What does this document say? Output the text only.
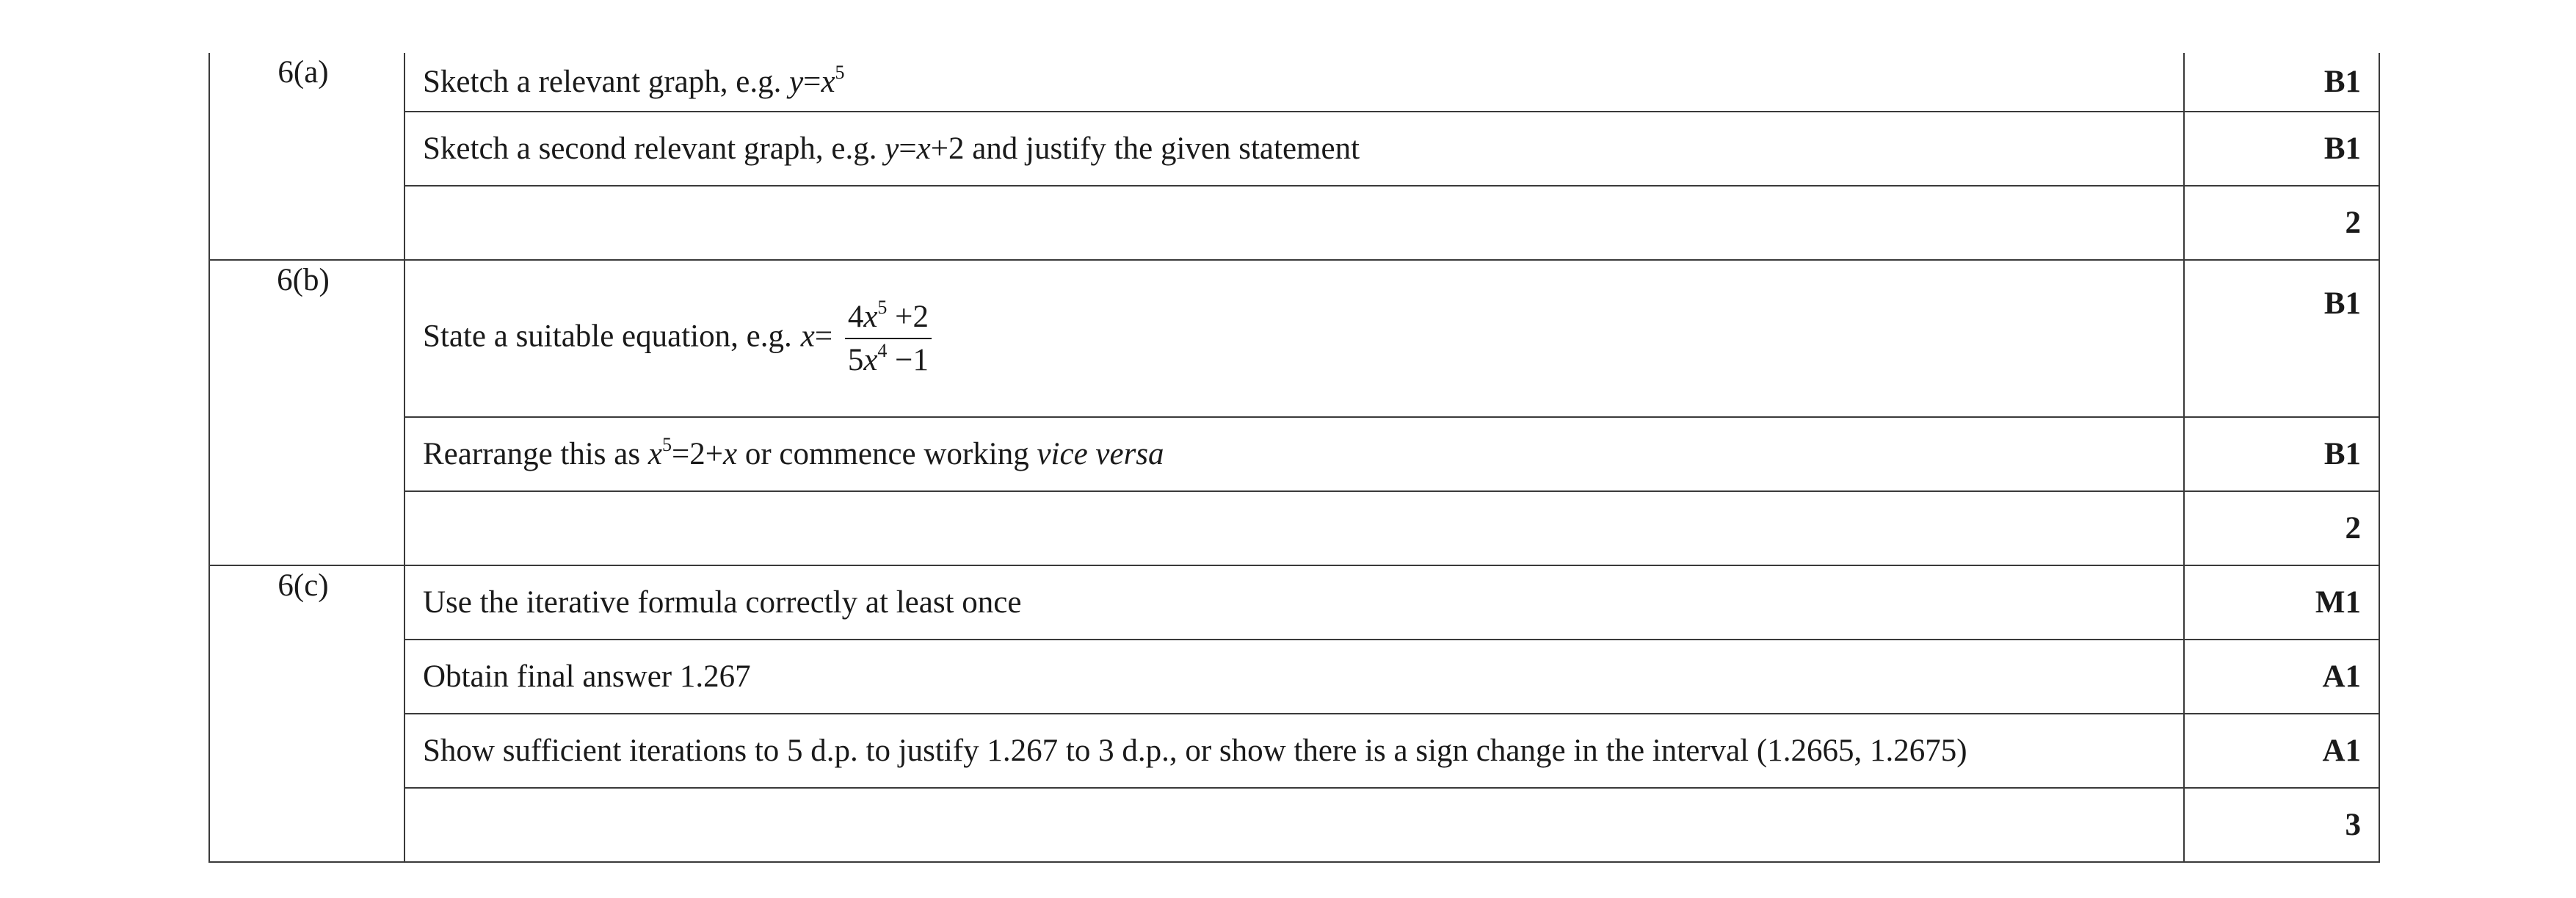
6(a)	Sketch a relevant graph, e.g. $y=x^5$	B1
	Sketch a second relevant graph, e.g. y=x+2 and justify the given statement	B1
		2
6(b)	State a suitable equation, e.g. $x= \frac{4x^5 +2}{5x^4 -1}$	B1
	Rearrange this as $x^5=2+x$ or commence working vice versa	B1
		2
6(c)	Use the iterative formula correctly at least once	M1
	Obtain final answer 1.267	A1
	Show sufficient iterations to 5 d.p. to justify 1.267 to 3 d.p., or show there is a sign change in the interval (1.2665, 1.2675)	A1
		3
